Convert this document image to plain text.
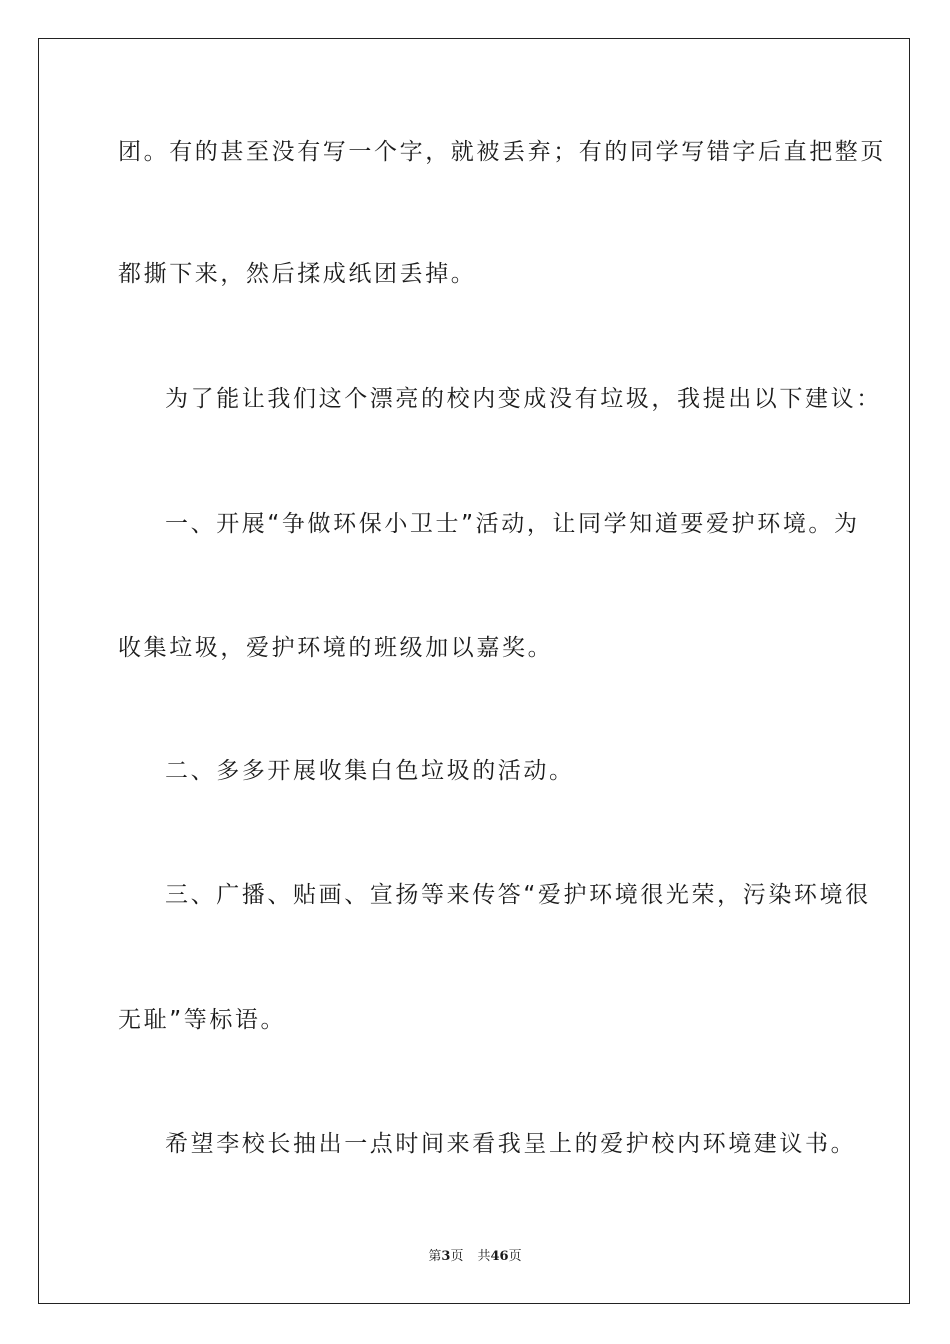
团。有的甚至没有写一个字，就被丢弃；有的同学写错字后直把整页
都撕下来，然后揉成纸团丢掉。
为了能让我们这个漂亮的校内变成没有垃圾，我提出以下建议：
一、开展“争做环保小卫士”活动，让同学知道要爱护环境。为
收集垃圾，爱护环境的班级加以嘉奖。
二、多多开展收集白色垃圾的活动。
三、广播、贴画、宣扬等来传答“爱护环境很光荣，污染环境很
无耻”等标语。
希望李校长抽出一点时间来看我呈上的爱护校内环境建议书。
第3页 共46页
